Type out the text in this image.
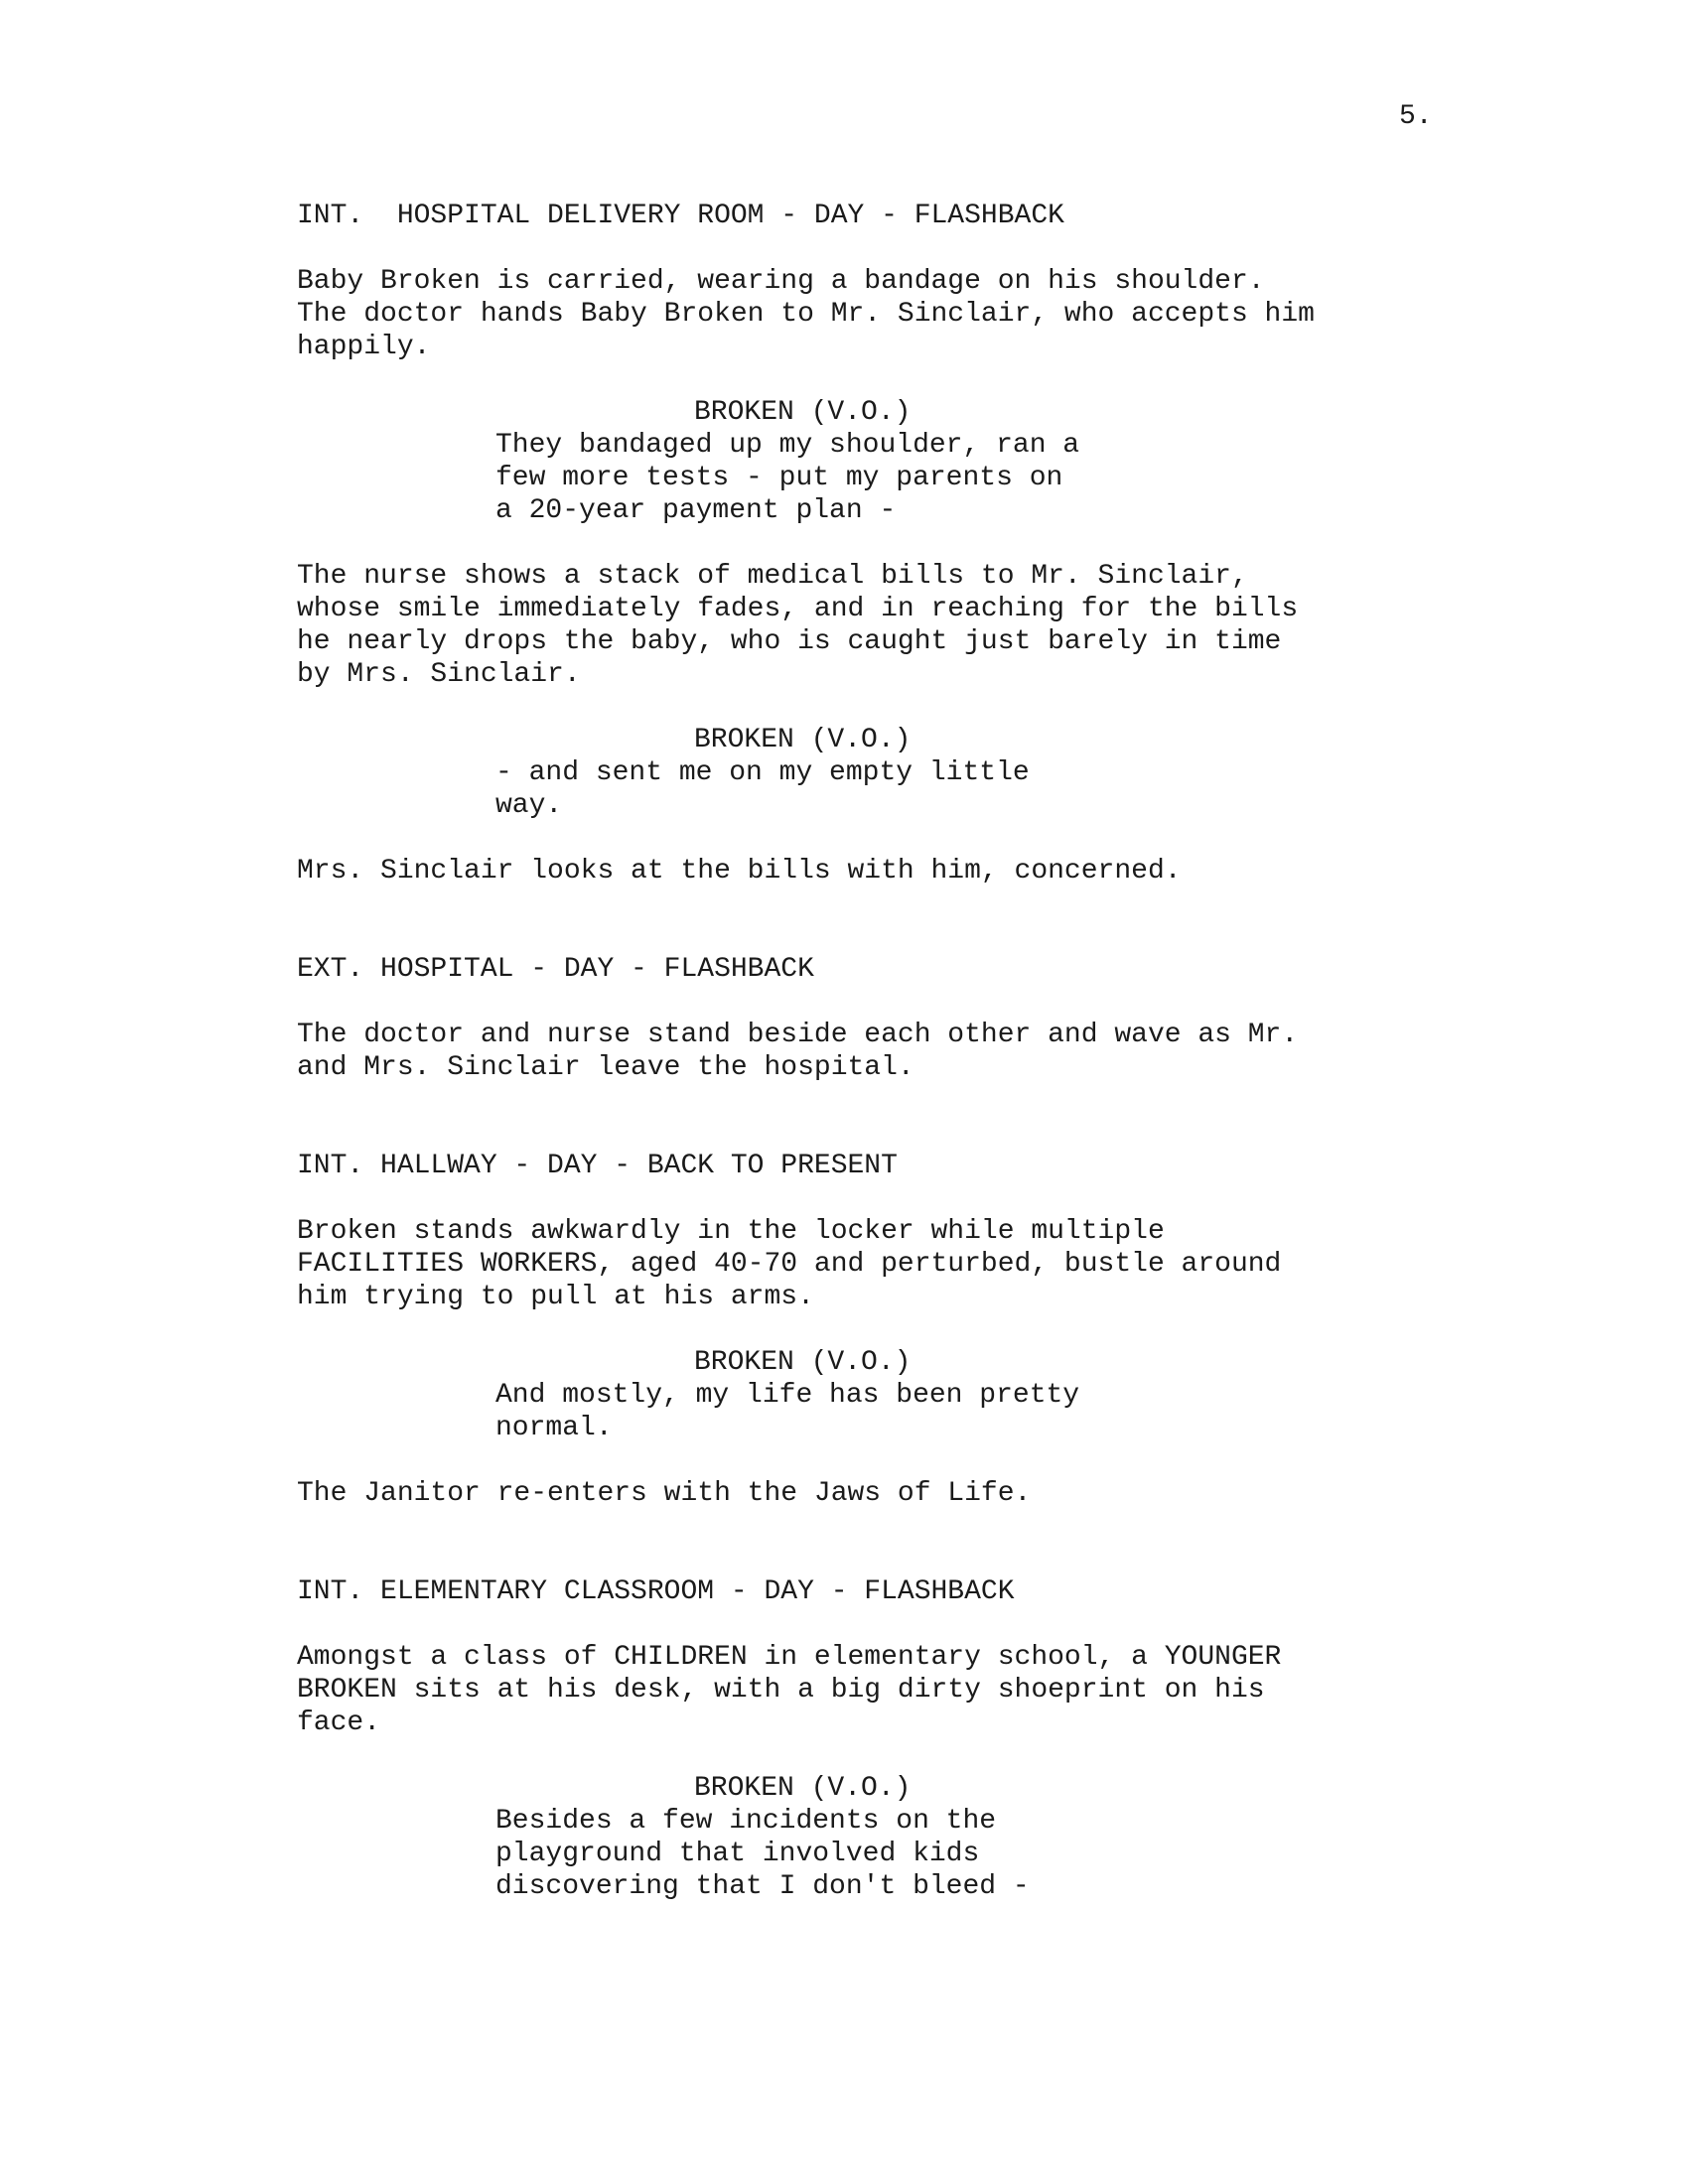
5.
INT.  HOSPITAL DELIVERY ROOM - DAY - FLASHBACK
Baby Broken is carried, wearing a bandage on his shoulder.
The doctor hands Baby Broken to Mr. Sinclair, who accepts him
happily.
BROKEN (V.O.)
They bandaged up my shoulder, ran a
few more tests - put my parents on
a 20-year payment plan -
The nurse shows a stack of medical bills to Mr. Sinclair,
whose smile immediately fades, and in reaching for the bills
he nearly drops the baby, who is caught just barely in time
by Mrs. Sinclair.
BROKEN (V.O.)
- and sent me on my empty little
way.
Mrs. Sinclair looks at the bills with him, concerned.
EXT. HOSPITAL - DAY - FLASHBACK
The doctor and nurse stand beside each other and wave as Mr.
and Mrs. Sinclair leave the hospital.
INT. HALLWAY - DAY - BACK TO PRESENT
Broken stands awkwardly in the locker while multiple
FACILITIES WORKERS, aged 40-70 and perturbed, bustle around
him trying to pull at his arms.
BROKEN (V.O.)
And mostly, my life has been pretty
normal.
The Janitor re-enters with the Jaws of Life.
INT. ELEMENTARY CLASSROOM - DAY - FLASHBACK
Amongst a class of CHILDREN in elementary school, a YOUNGER
BROKEN sits at his desk, with a big dirty shoeprint on his
face.
BROKEN (V.O.)
Besides a few incidents on the
playground that involved kids
discovering that I don't bleed -
